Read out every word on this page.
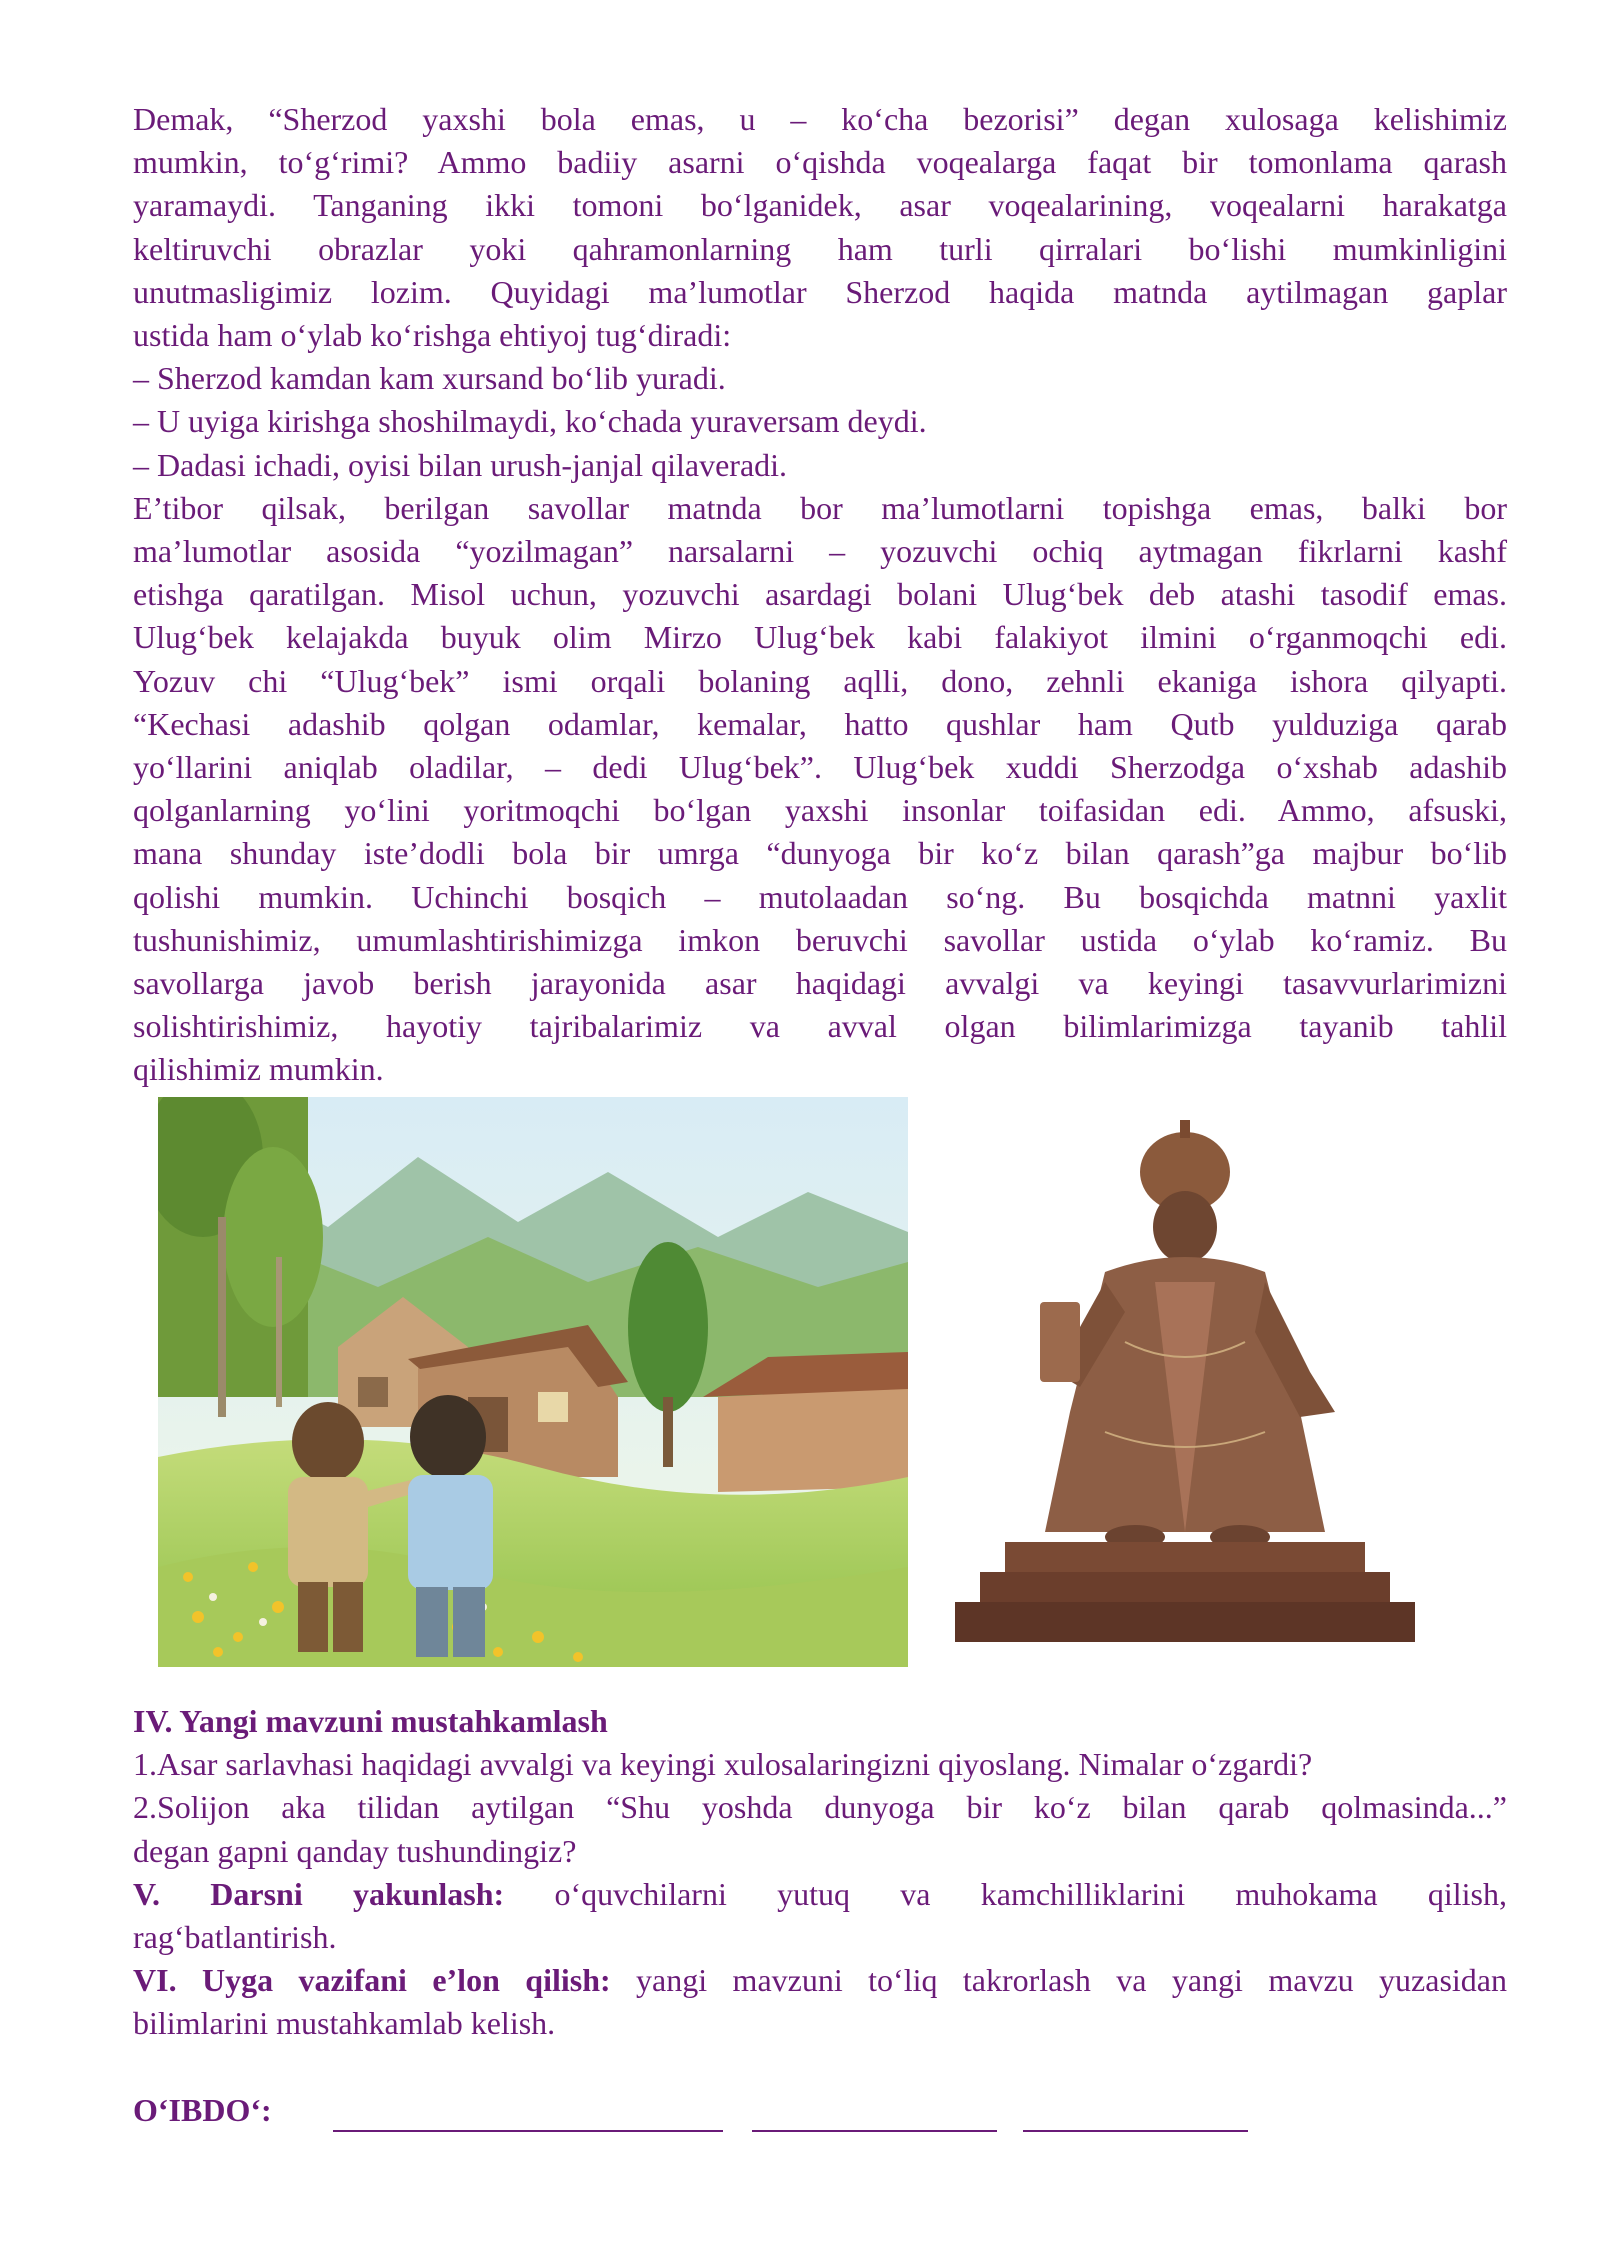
Demak, “Sherzod yaxshi bola emas, u – ko‘cha bezorisi” degan xulosaga kelishimiz
mumkin, to‘g‘rimi? Ammo badiiy asarni o‘qishda voqealarga faqat bir tomonlama qarash
yaramaydi. Tanganing ikki tomoni bo‘lganidek, asar voqealarining, voqealarni harakatga
keltiruvchi obrazlar yoki qahramonlarning ham turli qirralari bo‘lishi mumkinligini
unutmasligimiz lozim. Quyidagi ma’lumotlar Sherzod haqida matnda aytilmagan gaplar
ustida ham o‘ylab ko‘rishga ehtiyoj tug‘diradi:
– Sherzod kamdan kam xursand bo‘lib yuradi.
– U uyiga kirishga shoshilmaydi, ko‘chada yuraversam deydi.
– Dadasi ichadi, oyisi bilan urush-janjal qilaveradi.
E’tibor qilsak, berilgan savollar matnda bor ma’lumotlarni topishga emas, balki bor
ma’lumotlar asosida “yozilmagan” narsalarni – yozuvchi ochiq aytmagan fikrlarni kashf
etishga qaratilgan. Misol uchun, yozuvchi asardagi bolani Ulug‘bek deb atashi tasodif emas.
Ulug‘bek kelajakda buyuk olim Mirzo Ulug‘bek kabi falakiyot ilmini o‘rganmoqchi edi.
Yozuv chi “Ulug‘bek” ismi orqali bolaning aqlli, dono, zehnli ekaniga ishora qilyapti.
“Kechasi adashib qolgan odamlar, kemalar, hatto qushlar ham Qutb yulduziga qarab
yo‘llarini aniqlab oladilar, – dedi Ulug‘bek”. Ulug‘bek xuddi Sherzodga o‘xshab adashib
qolganlarning yo‘lini yoritmoqchi bo‘lgan yaxshi insonlar toifasidan edi. Ammo, afsuski,
mana shunday iste’dodli bola bir umrga “dunyoga bir ko‘z bilan qarash”ga majbur bo‘lib
qolishi mumkin. Uchinchi bosqich – mutolaadan so‘ng. Bu bosqichda matnni yaxlit
tushunishimiz, umumlashtirishimizga imkon beruvchi savollar ustida o‘ylab ko‘ramiz. Bu
savollarga javob berish jarayonida asar haqidagi avvalgi va keyingi tasavvurlarimizni
solishtirishimiz, hayotiy tajribalarimiz va avval olgan bilimlarimizga tayanib tahlil
qilishimiz mumkin.
IV. Yangi mavzuni mustahkamlash
1.Asar sarlavhasi haqidagi avvalgi va keyingi xulosalaringizni qiyoslang. Nimalar o‘zgardi?
2.Solijon aka tilidan aytilgan “Shu yoshda dunyoga bir ko‘z bilan qarab qolmasinda...”
degan gapni qanday tushundingiz?
V. Darsni yakunlash: o‘quvchilarni yutuq va kamchilliklarini muhokama qilish,
rag‘batlantirish.
VI. Uyga vazifani e’lon qilish: yangi mavzuni to‘liq takrorlash va yangi mavzu yuzasidan
bilimlarini mustahkamlab kelish.
O‘IBDO‘:
